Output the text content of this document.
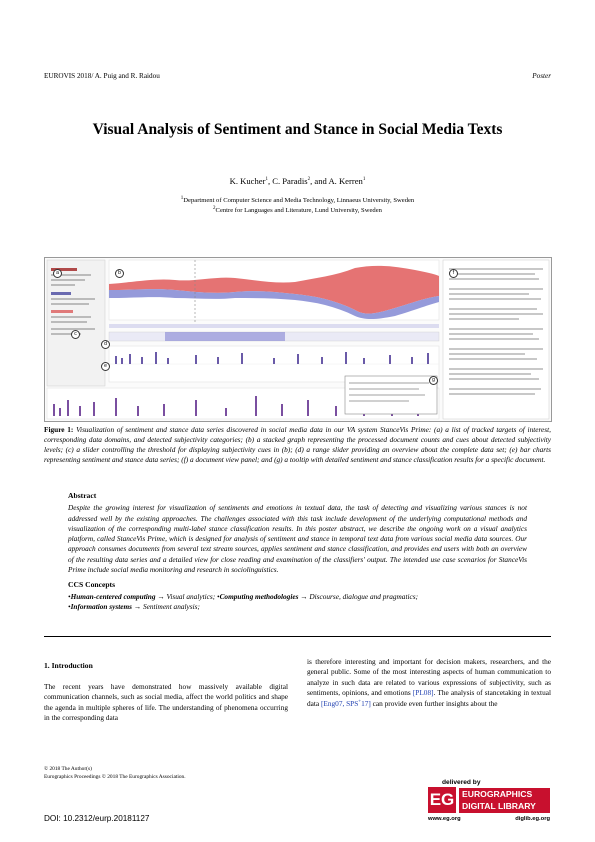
EUROVIS 2018/ A. Puig and R. Raidou	Poster
Visual Analysis of Sentiment and Stance in Social Media Texts
K. Kucher$^1$, C. Paradis$^2$, and A. Kerren$^1$
$^1$Department of Computer Science and Media Technology, Linnaeus University, Sweden
$^2$Centre for Languages and Literature, Lund University, Sweden
a	b
c
d
e
f
g
Figure 1: Visualization of sentiment and stance data series discovered in social media data in our VA system StanceVis Prime: (a) a list of tracked targets of interest, corresponding data domains, and detected subjectivity categories; (b) a stacked graph representing the processed document counts and cues about detected subjectivity levels; (c) a slider controlling the threshold for displaying subjectivity cues in (b); (d) a range slider providing an overview about the complete data set; (e) bar charts representing sentiment and stance data series; (f) a document view panel; and (g) a tooltip with detailed sentiment and stance classification results for a specific document.
Abstract

Despite the growing interest for visualization of sentiments and emotions in textual data, the task of detecting and visualizing various stances is not addressed well by the existing approaches. The challenges associated with this task include development of the underlying computational methods and visualization of the corresponding multi-label stance classification results. In this poster abstract, we describe the ongoing work on a visual analytics platform, called StanceVis Prime, which is designed for analysis of sentiment and stance in temporal text data from various social media data sources. Our approach consumes documents from several text stream sources, applies sentiment and stance classification, and provides end users with both an overview of the resulting data series and a detailed view for close reading and examination of the classifiers' output. The intended use case scenarios for StanceVis Prime include social media monitoring and research in sociolinguistics.

CCS Concepts
•Human-centered computing → Visual analytics; •Computing methodologies → Discourse, dialogue and pragmatics;
•Information systems → Sentiment analysis;
1. Introduction
The recent years have demonstrated how massively available digital communication channels, such as social media, affect the world politics and shape the agenda in multiple spheres of life. The understanding of phenomena occurring in the corresponding data
is therefore interesting and important for decision makers, researchers, and the general public. Some of the most interesting aspects of human communication to analyze in such data are related to various expressions of subjectivity, such as sentiments, opinions, and emotions [PL08]. The analysis of stancetaking in textual data [Eng07, SPS+17] can provide even further insights about the
© 2018 The Author(s)
Eurographics Proceedings © 2018 The Eurographics Association.
DOI: 10.2312/eurp.20181127
delivered by
EG EUROGRAPHICS
DIGITAL LIBRARY
www.eg.org	diglib.eg.org
